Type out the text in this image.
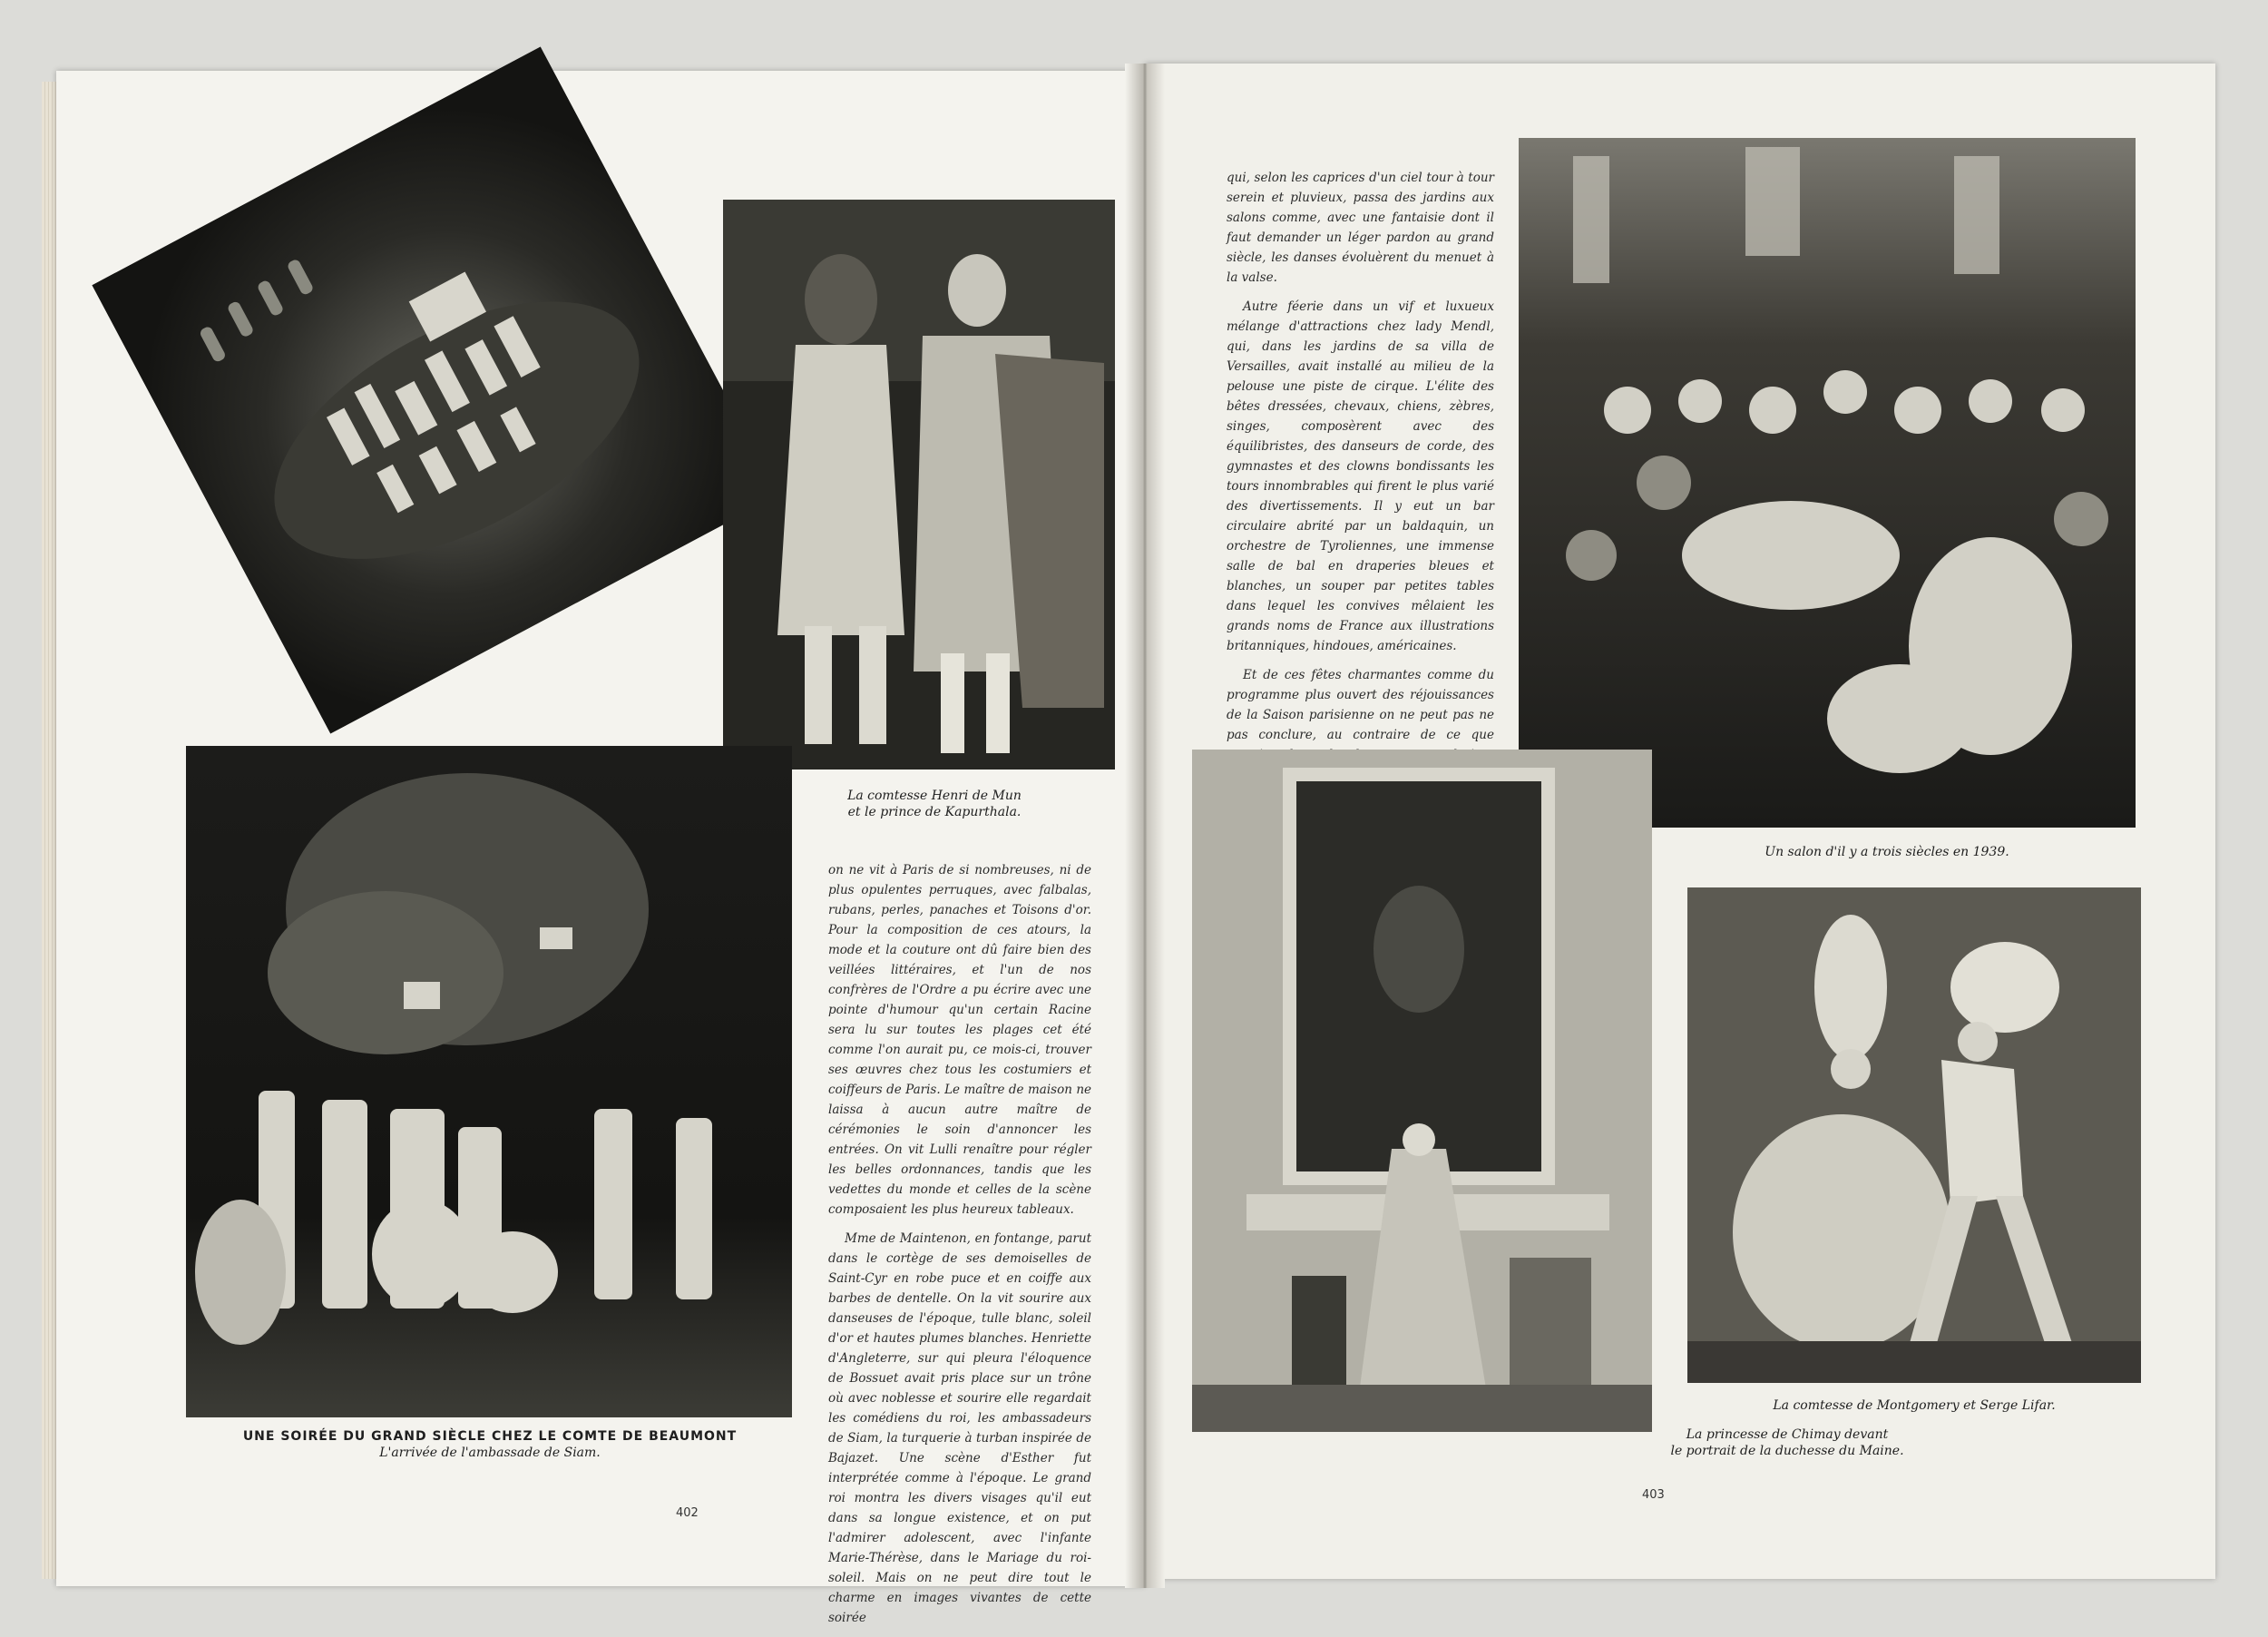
La comtesse Henri de Mun
et le prince de Kapurthala.

on ne vit à Paris de si nombreuses, ni de plus opulentes perruques, avec falbalas, rubans, perles, panaches et Toisons d'or. Pour la composition de ces atours, la mode et la couture ont dû faire bien des veillées littéraires, et l'un de nos confrères de l'Ordre a pu écrire avec une pointe d'humour qu'un certain Racine sera lu sur toutes les plages cet été comme l'on aurait pu, ce mois-ci, trouver ses œuvres chez tous les costumiers et coiffeurs de Paris. Le maître de maison ne laissa à aucun autre maître de cérémonies le soin d'annoncer les entrées. On vit Lulli renaître pour régler les belles ordonnances, tandis que les vedettes du monde et celles de la scène composaient les plus heureux tableaux.

Mme de Maintenon, en fontange, parut dans le cortège de ses demoiselles de Saint-Cyr en robe puce et en coiffe aux barbes de dentelle. On la vit sourire aux danseuses de l'époque, tulle blanc, soleil d'or et hautes plumes blanches. Henriette d'Angleterre, sur qui pleura l'éloquence de Bossuet avait pris place sur un trône où avec noblesse et sourire elle regardait les comédiens du roi, les ambassadeurs de Siam, la turquerie à turban inspirée de Bajazet. Une scène d'Esther fut interprétée comme à l'époque. Le grand roi montra les divers visages qu'il eut dans sa longue existence, et on put l'admirer adolescent, avec l'infante Marie-Thérèse, dans le Mariage du roi-soleil. Mais on ne peut dire tout le charme en images vivantes de cette soirée

UNE SOIRÉE DU GRAND SIÈCLE CHEZ LE COMTE DE BEAUMONT
L'arrivée de l'ambassade de Siam.
402

qui, selon les caprices d'un ciel tour à tour serein et pluvieux, passa des jardins aux salons comme, avec une fantaisie dont il faut demander un léger pardon au grand siècle, les danses évoluèrent du menuet à la valse.

Autre féerie dans un vif et luxueux mélange d'attractions chez lady Mendl, qui, dans les jardins de sa villa de Versailles, avait installé au milieu de la pelouse une piste de cirque. L'élite des bêtes dressées, chevaux, chiens, zèbres, singes, composèrent avec des équilibristes, des danseurs de corde, des gymnastes et des clowns bondissants les tours innombrables qui firent le plus varié des divertissements. Il y eut un bar circulaire abrité par un baldaquin, un orchestre de Tyroliennes, une immense salle de bal en draperies bleues et blanches, un souper par petites tables dans lequel les convives mêlaient les grands noms de France aux illustrations britanniques, hindoues, américaines.

Et de ces fêtes charmantes comme du programme plus ouvert des réjouissances de la Saison parisienne on ne peut pas ne pas conclure, au contraire de ce que

Un salon d'il y a trois siècles en 1939.
La comtesse de Montgomery et Serge Lifar.
La princesse de Chimay devant
le portrait de la duchesse du Maine.
403
